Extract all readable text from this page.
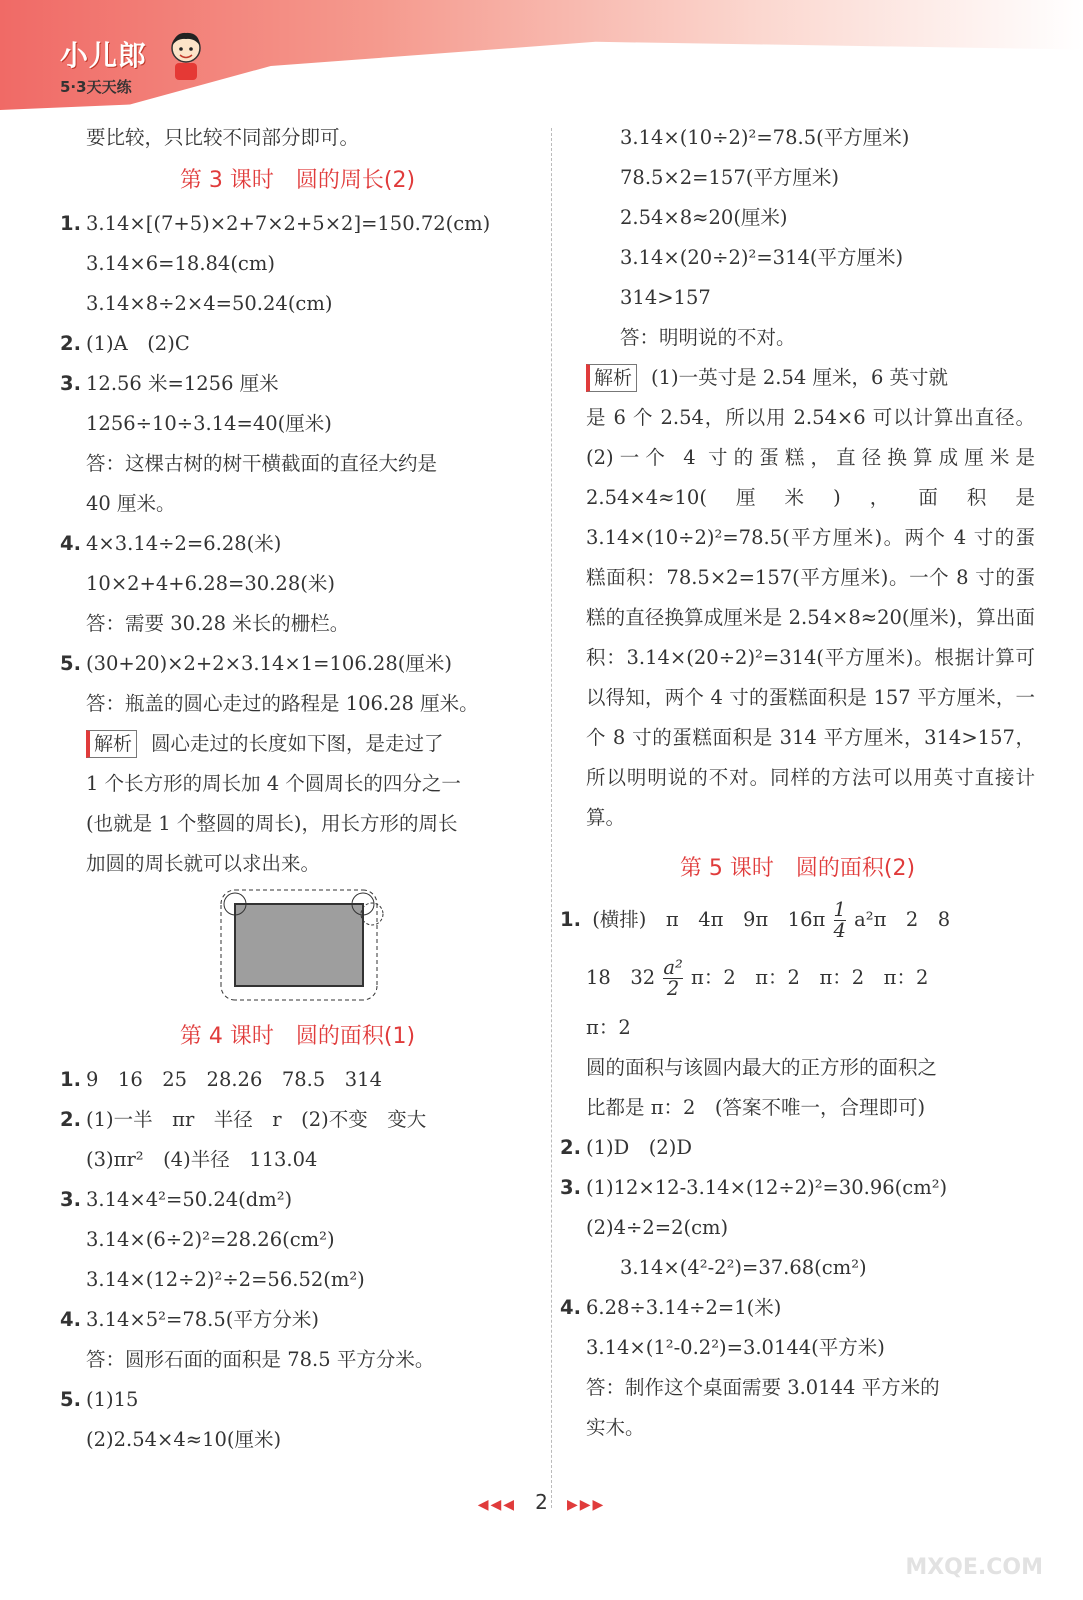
小儿郎
5·3天天练
要比较，只比较不同部分即可。
第 3 课时　圆的周长(2)
1. 3.14×[(7+5)×2+7×2+5×2]=150.72(cm)
3.14×6=18.84(cm)
3.14×8÷2×4=50.24(cm)
2. (1)A　(2)C
3. 12.56 米=1256 厘米
1256÷10÷3.14=40(厘米)
答：这棵古树的树干横截面的直径大约是
40 厘米。
4. 4×3.14÷2=6.28(米)
10×2+4+6.28=30.28(米)
答：需要 30.28 米长的栅栏。
5. (30+20)×2+2×3.14×1=106.28(厘米)
答：瓶盖的圆心走过的路程是 106.28 厘米。
解析 圆心走过的长度如下图，是走过了
1 个长方形的周长加 4 个圆周长的四分之一
(也就是 1 个整圆的周长)，用长方形的周长
加圆的周长就可以求出来。
第 4 课时　圆的面积(1)
1. 9　16　25　28.26　78.5　314
2. (1)一半　πr　半径　r　(2)不变　变大
(3)πr²　(4)半径　113.04
3. 3.14×4²=50.24(dm²)
3.14×(6÷2)²=28.26(cm²)
3.14×(12÷2)²÷2=56.52(m²)
4. 3.14×5²=78.5(平方分米)
答：圆形石面的面积是 78.5 平方分米。
5. (1)15
(2)2.54×4≈10(厘米)
3.14×(10÷2)²=78.5(平方厘米)
78.5×2=157(平方厘米)
2.54×8≈20(厘米)
3.14×(20÷2)²=314(平方厘米)
314>157
答：明明说的不对。
解析 (1)一英寸是 2.54 厘米，6 英寸就
是 6 个 2.54，所以用 2.54×6 可以计算出直径。(2)一个 4 寸的蛋糕，直径换算成厘米是 2.54×4≈10(厘米)，面积是 3.14×(10÷2)²=78.5(平方厘米)。两个 4 寸的蛋糕面积：78.5×2=157(平方厘米)。一个 8 寸的蛋糕的直径换算成厘米是 2.54×8≈20(厘米)，算出面积：3.14×(20÷2)²=314(平方厘米)。根据计算可以得知，两个 4 寸的蛋糕面积是 157 平方厘米，一个 8 寸的蛋糕面积是 314 平方厘米，314>157，所以明明说的不对。同样的方法可以用英寸直接计算。
第 5 课时　圆的面积(2)
1. (横排)　π　4π　9π　$16\pi \frac{1}{4} a^2\pi$　2　8
18　$32 \frac{\text{a²}}{2}$ π：2　π：2　π：2　π：2
π：2
圆的面积与该圆内最大的正方形的面积之
比都是 π：2　(答案不唯一，合理即可)
2. (1)D　(2)D
3. (1)12×12-3.14×(12÷2)²=30.96(cm²)
(2)4÷2=2(cm)
3.14×(4²-2²)=37.68(cm²)
4. 6.28÷3.14÷2=1(米)
3.14×(1²-0.2²)=3.0144(平方米)
答：制作这个桌面需要 3.0144 平方米的
实木。
◀◀◀ 2 ▶▶▶
MXQE.COM
